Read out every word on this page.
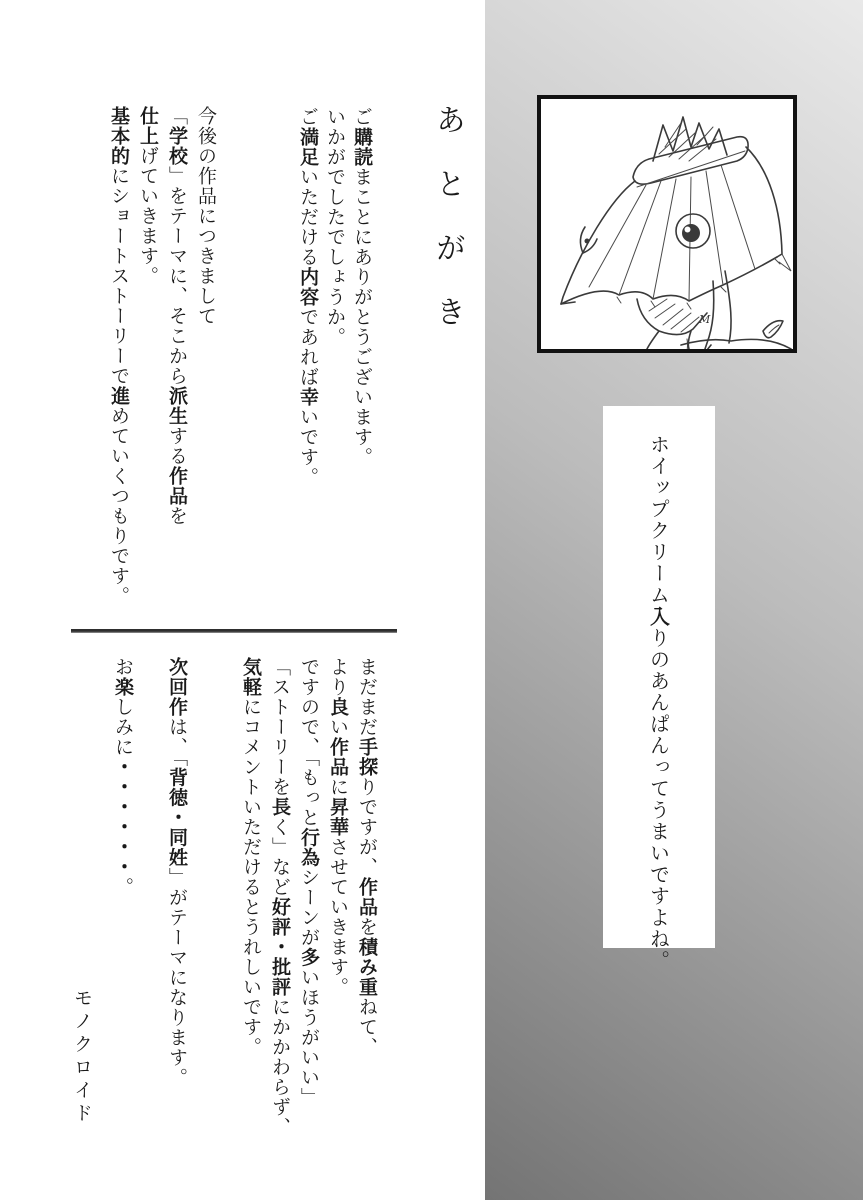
あとがき
ご購読まことにありがとうございます。
いかがでしたでしょうか。
ご満足いただける内容であれば幸いです。
今後の作品につきまして
「学校」をテーマに、そこから派生する作品を
仕上げていきます。
基本的にショートストーリーで進めていくつもりです。
まだまだ手探りですが、作品を積み重ねて、
より良い作品に昇華させていきます。
ですので、「もっと行為シーンが多いほうがいい」
「ストーリーを長く」など好評・批評にかかわらず、
気軽にコメントいただけるとうれしいです。
次回作は、「背徳・同姓」がテーマになります。
お楽しみに・・・・・・。
モノクロイド
M
ホイップクリーム入りのあんぱんってうまいですよね。
